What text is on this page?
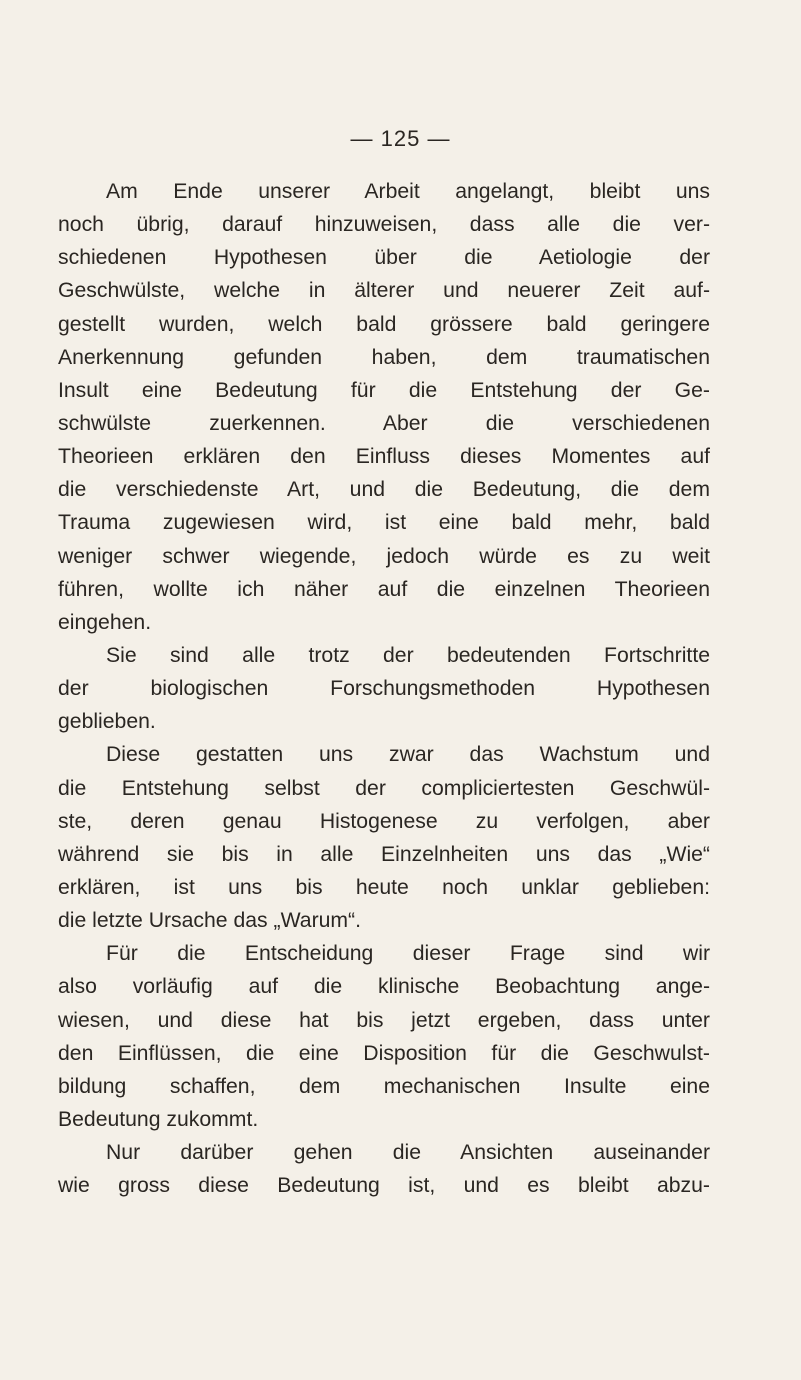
— 125 —
Am Ende unserer Arbeit angelangt, bleibt uns
noch übrig, darauf hinzuweisen, dass alle die ver-
schiedenen Hypothesen über die Aetiologie der
Geschwülste, welche in älterer und neuerer Zeit auf-
gestellt wurden, welch bald grössere bald geringere
Anerkennung gefunden haben, dem traumatischen
Insult eine Bedeutung für die Entstehung der Ge-
schwülste zuerkennen. Aber die verschiedenen
Theorieen erklären den Einfluss dieses Momentes auf
die verschiedenste Art, und die Bedeutung, die dem
Trauma zugewiesen wird, ist eine bald mehr, bald
weniger schwer wiegende, jedoch würde es zu weit
führen, wollte ich näher auf die einzelnen Theorieen
eingehen.
Sie sind alle trotz der bedeutenden Fortschritte
der biologischen Forschungsmethoden Hypothesen
geblieben.
Diese gestatten uns zwar das Wachstum und
die Entstehung selbst der compliciertesten Geschwül-
ste, deren genau Histogenese zu verfolgen, aber
während sie bis in alle Einzelnheiten uns das „Wie“
erklären, ist uns bis heute noch unklar geblieben:
die letzte Ursache das „Warum“.
Für die Entscheidung dieser Frage sind wir
also vorläufig auf die klinische Beobachtung ange-
wiesen, und diese hat bis jetzt ergeben, dass unter
den Einflüssen, die eine Disposition für die Geschwulst-
bildung schaffen, dem mechanischen Insulte eine
Bedeutung zukommt.
Nur darüber gehen die Ansichten auseinander
wie gross diese Bedeutung ist, und es bleibt abzu-
